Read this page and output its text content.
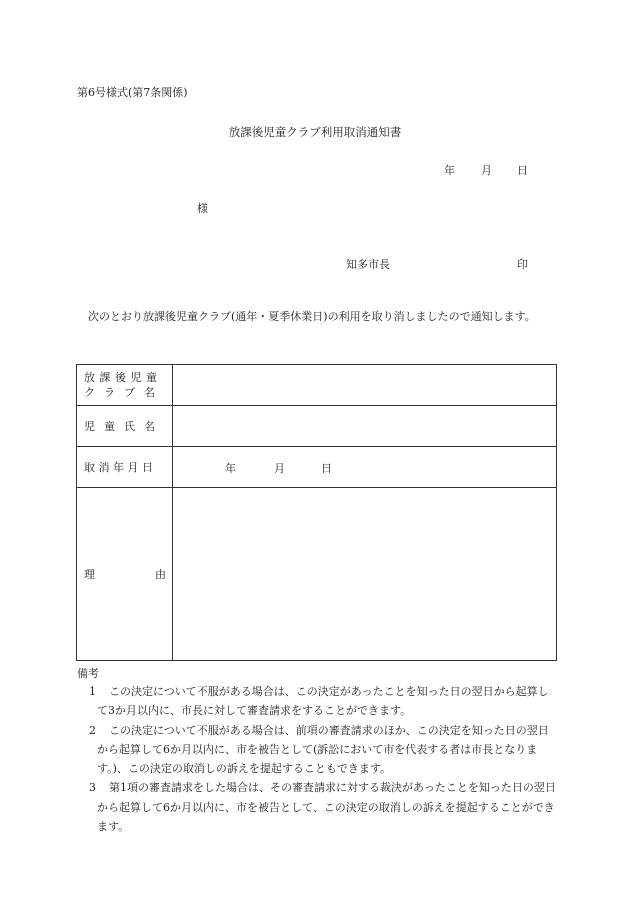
第6号様式(第7条関係)
放課後児童クラブ利用取消通知書
年 月 日
様
知多市長	印
次のとおり放課後児童クラブ(通年・夏季休業日)の利用を取り消しましたので通知します。
放課後児童
クラブ名	

児童氏名	
取消年月日	年 月 日

理 由	

備考
1	この決定について不服がある場合は、この決定があったことを知った日の翌日から起算して3か月以内に、市長に対して審査請求をすることができます。
2	この決定について不服がある場合は、前項の審査請求のほか、この決定を知った日の翌日から起算して6か月以内に、市を被告として(訴訟において市を代表する者は市長となります。)、この決定の取消しの訴えを提起することもできます。
3	第1項の審査請求をした場合は、その審査請求に対する裁決があったことを知った日の翌日から起算して6か月以内に、市を被告として、この決定の取消しの訴えを提起することができます。
